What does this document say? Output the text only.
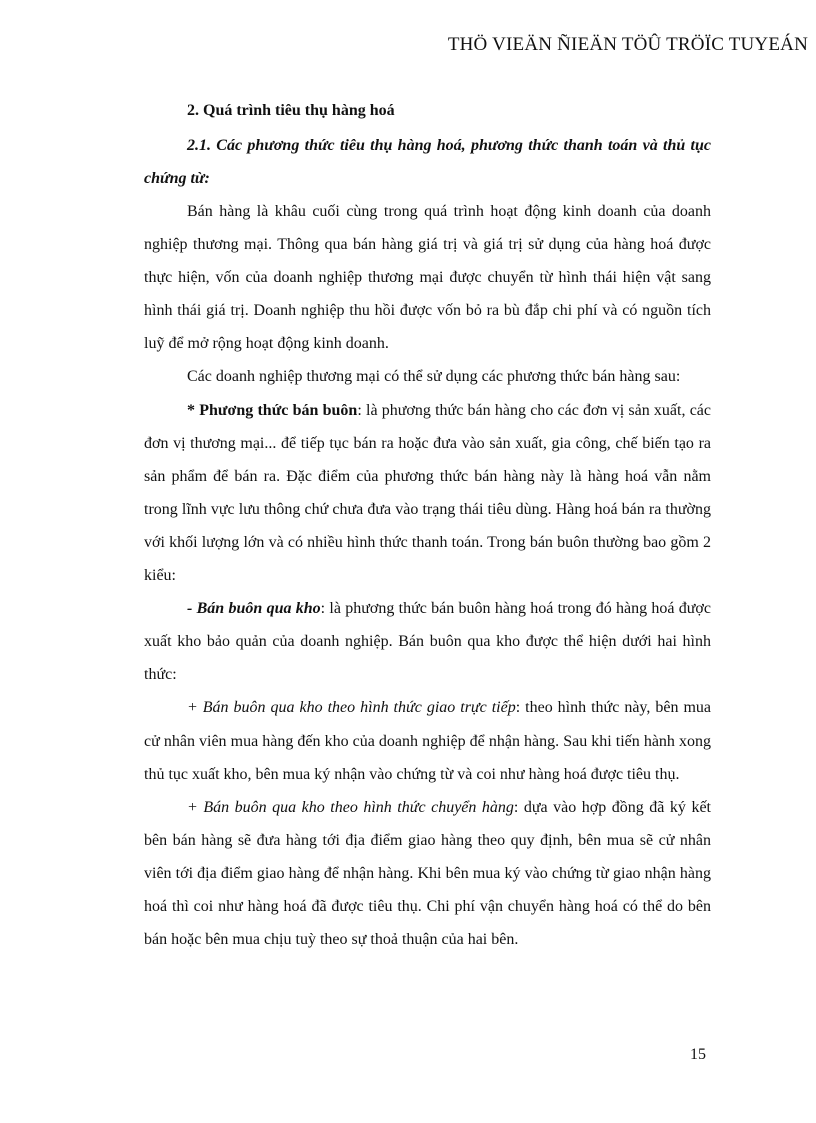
THÖ VIEÄN ÑIEÄN TÖÛ TRÖÏC TUYEÁN

2. Quá trình tiêu thụ hàng hoá

2.1. Các phương thức tiêu thụ hàng hoá, phương thức thanh toán và thủ tục chứng từ:

Bán hàng là khâu cuối cùng trong quá trình hoạt động kinh doanh của doanh nghiệp thương mại. Thông qua bán hàng giá trị và giá trị sử dụng của hàng hoá được thực hiện, vốn của doanh nghiệp thương mại được chuyển từ hình thái hiện vật sang hình thái giá trị. Doanh nghiệp thu hồi được vốn bỏ ra bù đắp chi phí và có nguồn tích luỹ để mở rộng hoạt động kinh doanh.

Các doanh nghiệp thương mại có thể sử dụng các phương thức bán hàng sau:

* Phương thức bán buôn: là phương thức bán hàng cho các đơn vị sản xuất, các đơn vị thương mại... để tiếp tục bán ra hoặc đưa vào sản xuất, gia công, chế biến tạo ra sản phẩm để bán ra. Đặc điểm của phương thức bán hàng này là hàng hoá vẫn nằm trong lĩnh vực lưu thông chứ chưa đưa vào trạng thái tiêu dùng. Hàng hoá bán ra thường với khối lượng lớn và có nhiều hình thức thanh toán. Trong bán buôn thường bao gồm 2 kiểu:

- Bán buôn qua kho: là phương thức bán buôn hàng hoá trong đó hàng hoá được xuất kho bảo quản của doanh nghiệp. Bán buôn qua kho được thể hiện dưới hai hình thức:

+ Bán buôn qua kho theo hình thức giao trực tiếp: theo hình thức này, bên mua cử nhân viên mua hàng đến kho của doanh nghiệp để nhận hàng. Sau khi tiến hành xong thủ tục xuất kho, bên mua ký nhận vào chứng từ và coi như hàng hoá được tiêu thụ.

+ Bán buôn qua kho theo hình thức chuyển hàng: dựa vào hợp đồng đã ký kết bên bán hàng sẽ đưa hàng tới địa điểm giao hàng theo quy định, bên mua sẽ cử nhân viên tới địa điểm giao hàng để nhận hàng. Khi bên mua ký vào chứng từ giao nhận hàng hoá thì coi như hàng hoá đã được tiêu thụ. Chi phí vận chuyển hàng hoá có thể do bên bán hoặc bên mua chịu tuỳ theo sự thoả thuận của hai bên.

15
